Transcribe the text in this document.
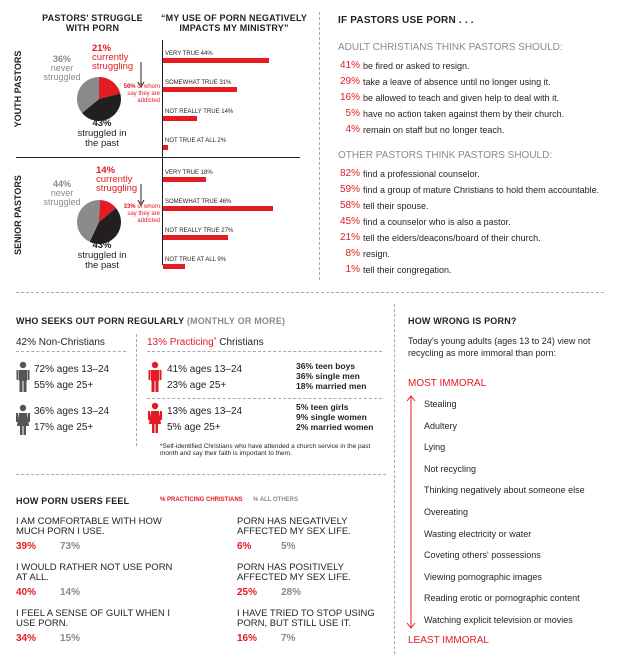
PASTORS' STRUGGLE WITH PORN
YOUTH PASTORS
SENIOR PASTORS
36%
never struggled
21%
currently struggling
56% of whom say they are addicted
43%
struggled in the past
44%
never struggled
14%
currently struggling
33% of whom say they are addicted
43%
struggled in the past
“MY USE OF PORN NEGATIVELY IMPACTS MY MINISTRY”
VERY TRUE 44%
SOMEWHAT TRUE 31%
NOT REALLY TRUE 14%
NOT TRUE AT ALL 2%
VERY TRUE 18%
SOMEWHAT TRUE 46%
NOT REALLY TRUE 27%
NOT TRUE AT ALL 9%
IF PASTORS USE PORN . . .
ADULT CHRISTIANS THINK PASTORS SHOULD:
41% be fired or asked to resign.
29% take a leave of absence until no longer using it.
16% be allowed to teach and given help to deal with it.
5% have no action taken against them by their church.
4% remain on staff but no longer teach.
OTHER PASTORS THINK PASTORS SHOULD:
82% find a professional counselor.
59% find a group of mature Christians to hold them accountable.
58% tell their spouse.
45% find a counselor who is also a pastor.
21% tell the elders/deacons/board of their church.
8% resign.
1% tell their congregation.
WHO SEEKS OUT PORN REGULARLY (MONTHLY OR MORE)
42% Non-Christians
72% ages 13–24
55% age 25+
36% ages 13–24
17% age 25+
13% Practicing* Christians
41% ages 13–24
23% age 25+
36% teen boys
36% single men
18% married men
13% ages 13–24
5% age 25+
5% teen girls
9% single women
2% married women
*Self-identified Christians who have attended a church service in the past month and say their faith is important to them.
HOW WRONG IS PORN?
Today's young adults (ages 13 to 24) view not recycling as more immoral than porn:
MOST IMMORAL
Stealing
Adultery
Lying
Not recycling
Thinking negatively about someone else
Overeating
Wasting electricity or water
Coveting others' possessions
Viewing pornographic images
Reading erotic or pornographic content
Watching explicit television or movies
LEAST IMMORAL
HOW PORN USERS FEEL	% PRACTICING CHRISTIANS % ALL OTHERS
I AM COMFORTABLE WITH HOW MUCH PORN I USE.
39% 73%
I WOULD RATHER NOT USE PORN AT ALL.
40% 14%
I FEEL A SENSE OF GUILT WHEN I USE PORN.
34% 15%
PORN HAS NEGATIVELY AFFECTED MY SEX LIFE.
6%	5%
PORN HAS POSITIVELY AFFECTED MY SEX LIFE.
25% 28%
I HAVE TRIED TO STOP USING PORN, BUT STILL USE IT.
16% 7%
